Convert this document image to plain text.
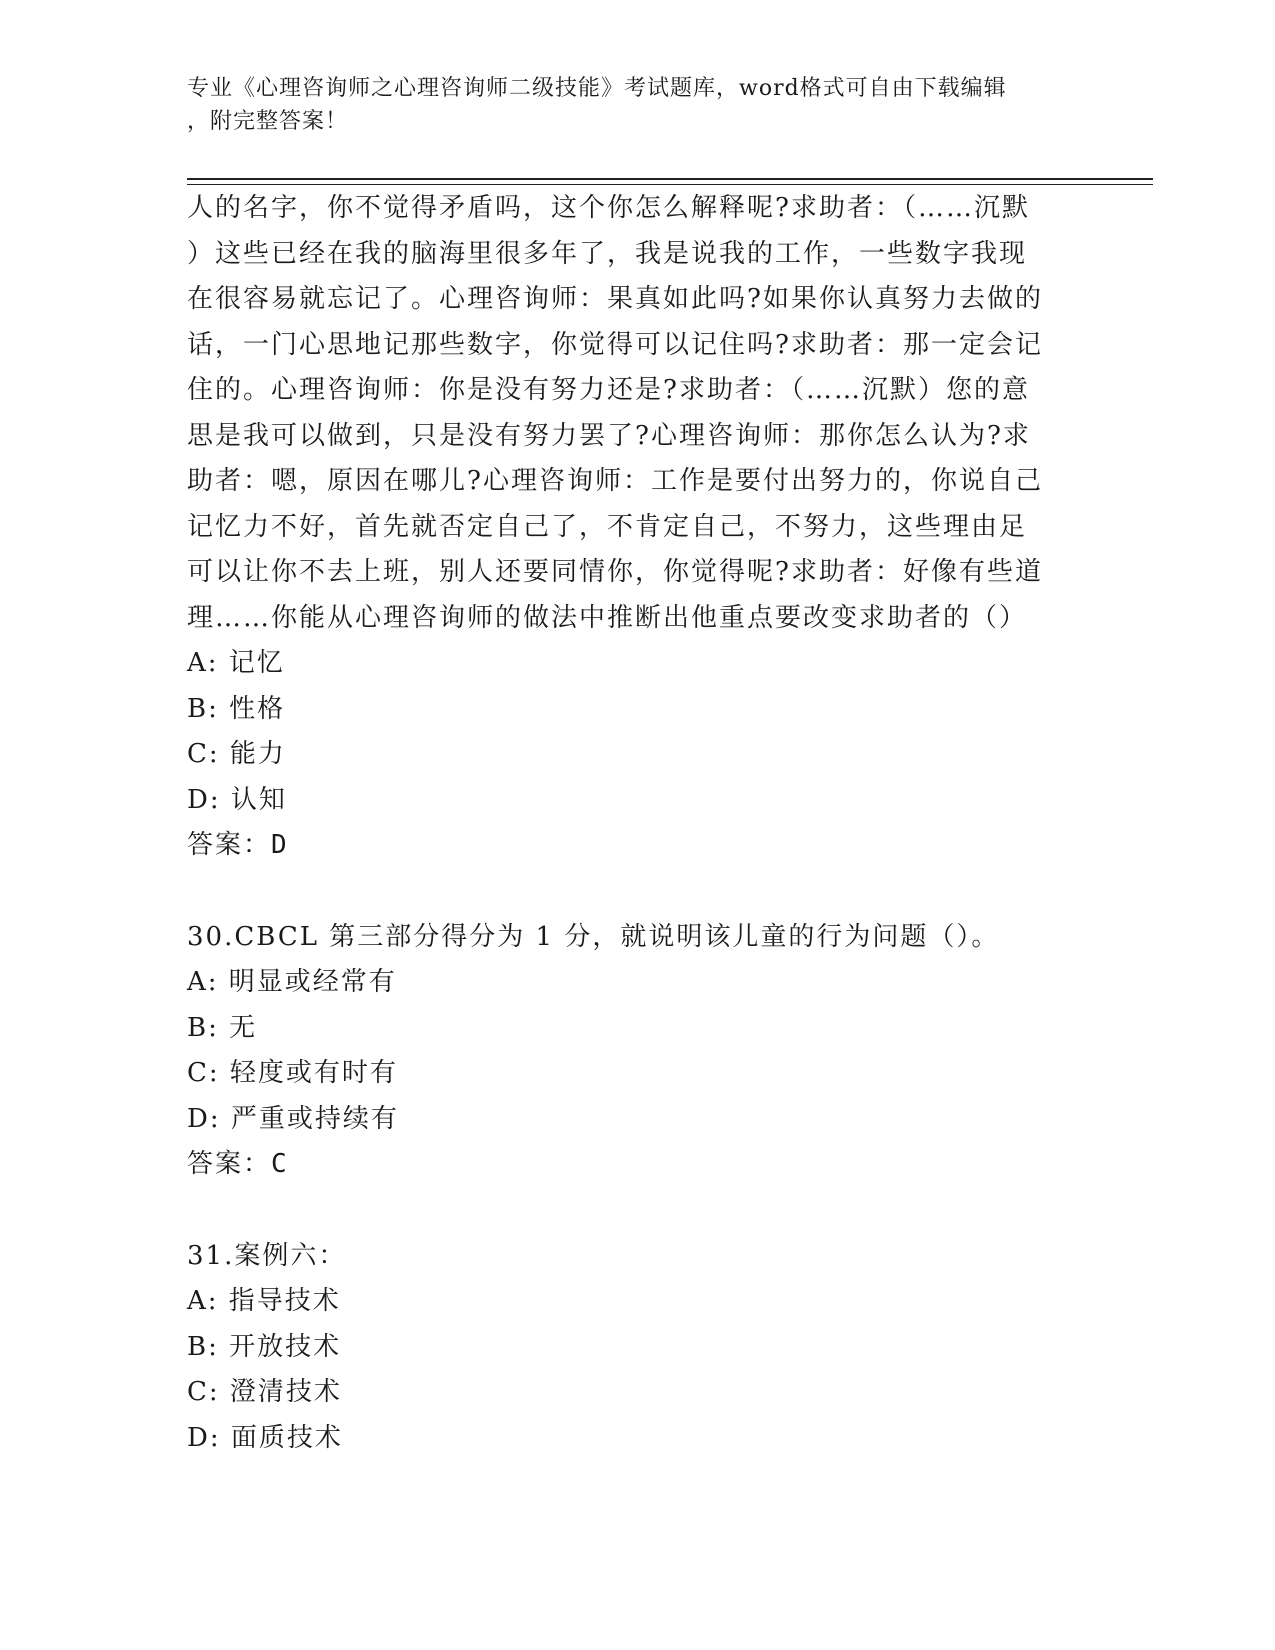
专业《心理咨询师之心理咨询师二级技能》考试题库，word格式可自由下载编辑
，附完整答案！
人的名字，你不觉得矛盾吗，这个你怎么解释呢?求助者：（……沉默
）这些已经在我的脑海里很多年了，我是说我的工作，一些数字我现
在很容易就忘记了。心理咨询师：果真如此吗?如果你认真努力去做的
话，一门心思地记那些数字，你觉得可以记住吗?求助者：那一定会记
住的。心理咨询师：你是没有努力还是?求助者：（……沉默）您的意
思是我可以做到，只是没有努力罢了?心理咨询师：那你怎么认为?求
助者：嗯，原因在哪儿?心理咨询师：工作是要付出努力的，你说自己
记忆力不好，首先就否定自己了，不肯定自己，不努力，这些理由足
可以让你不去上班，别人还要同情你，你觉得呢?求助者：好像有些道
理……你能从心理咨询师的做法中推断出他重点要改变求助者的（）
A: 记忆
B: 性格
C: 能力
D: 认知
答案：D
30.CBCL 第三部分得分为 1 分，就说明该儿童的行为问题（）。
A: 明显或经常有
B: 无
C: 轻度或有时有
D: 严重或持续有
答案：C
31.案例六：
A: 指导技术
B: 开放技术
C: 澄清技术
D: 面质技术
